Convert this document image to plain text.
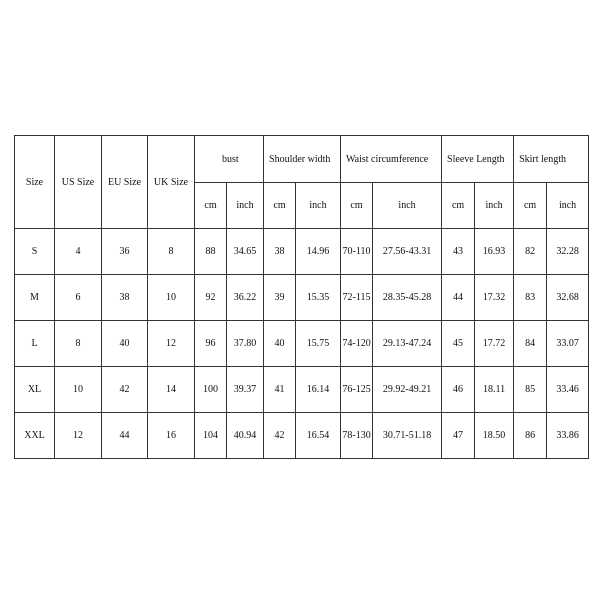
Size	US Size	EU Size	UK Size	bust		Shoulder width		Waist circumference		Sleeve Length		Skirt length	
				cm	inch	cm	inch	cm	inch	cm	inch	cm	inch
S	4	36	8	88	34.65	38	14.96	70-110	27.56-43.31	43	16.93	82	32.28
M	6	38	10	92	36.22	39	15.35	72-115	28.35-45.28	44	17.32	83	32.68
L	8	40	12	96	37.80	40	15.75	74-120	29.13-47.24	45	17.72	84	33.07
XL	10	42	14	100	39.37	41	16.14	76-125	29.92-49.21	46	18.11	85	33.46
XXL	12	44	16	104	40.94	42	16.54	78-130	30.71-51.18	47	18.50	86	33.86
